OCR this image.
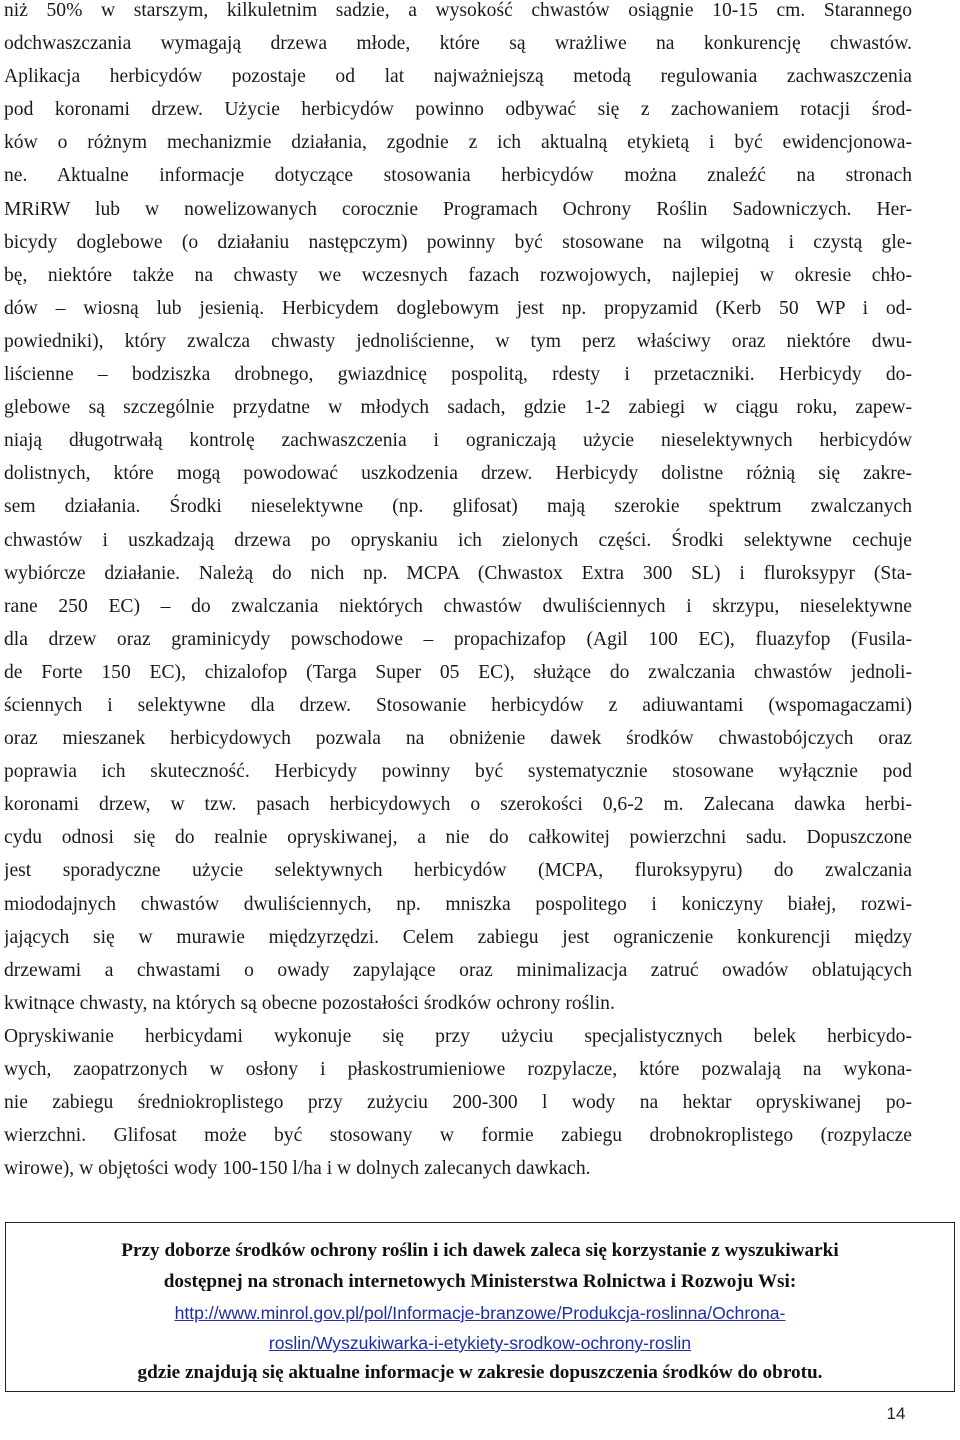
niż 50% w starszym, kilkuletnim sadzie, a wysokość chwastów osiągnie 10-15 cm. Starannego
odchwaszczania wymagają drzewa młode, które są wrażliwe na konkurencję chwastów.
Aplikacja herbicydów pozostaje od lat najważniejszą metodą regulowania zachwaszczenia
pod koronami drzew. Użycie herbicydów powinno odbywać się z zachowaniem rotacji środ-
ków o różnym mechanizmie działania, zgodnie z ich aktualną etykietą i być ewidencjonowa-
ne. Aktualne informacje dotyczące stosowania herbicydów można znaleźć na stronach
MRiRW lub w nowelizowanych corocznie Programach Ochrony Roślin Sadowniczych. Her-
bicydy doglebowe (o działaniu następczym) powinny być stosowane na wilgotną i czystą gle-
bę, niektóre także na chwasty we wczesnych fazach rozwojowych, najlepiej w okresie chło-
dów – wiosną lub jesienią. Herbicydem doglebowym jest np. propyzamid (Kerb 50 WP i od-
powiedniki), który zwalcza chwasty jednoliścienne, w tym perz właściwy oraz niektóre dwu-
liścienne – bodziszka drobnego, gwiazdnicę pospolitą, rdesty i przetaczniki. Herbicydy do-
glebowe są szczególnie przydatne w młodych sadach, gdzie 1-2 zabiegi w ciągu roku, zapew-
niają długotrwałą kontrolę zachwaszczenia i ograniczają użycie nieselektywnych herbicydów
dolistnych, które mogą powodować uszkodzenia drzew. Herbicydy dolistne różnią się zakre-
sem działania. Środki nieselektywne (np. glifosat) mają szerokie spektrum zwalczanych
chwastów i uszkadzają drzewa po opryskaniu ich zielonych części. Środki selektywne cechuje
wybiórcze działanie. Należą do nich np. MCPA (Chwastox Extra 300 SL) i fluroksypyr (Sta-
rane 250 EC) – do zwalczania niektórych chwastów dwuliściennych i skrzypu, nieselektywne
dla drzew oraz graminicydy powschodowe – propachizafop (Agil 100 EC), fluazyfop (Fusila-
de Forte 150 EC), chizalofop (Targa Super 05 EC), służące do zwalczania chwastów jednoli-
ściennych i selektywne dla drzew. Stosowanie herbicydów z adiuwantami (wspomagaczami)
oraz mieszanek herbicydowych pozwala na obniżenie dawek środków chwastobójczych oraz
poprawia ich skuteczność. Herbicydy powinny być systematycznie stosowane wyłącznie pod
koronami drzew, w tzw. pasach herbicydowych o szerokości 0,6-2 m. Zalecana dawka herbi-
cydu odnosi się do realnie opryskiwanej, a nie do całkowitej powierzchni sadu. Dopuszczone
jest sporadyczne użycie selektywnych herbicydów (MCPA, fluroksypyru) do zwalczania
miododajnych chwastów dwuliściennych, np. mniszka pospolitego i koniczyny białej, rozwi-
jających się w murawie międzyrzędzi. Celem zabiegu jest ograniczenie konkurencji między
drzewami a chwastami o owady zapylające oraz minimalizacja zatruć owadów oblatujących
kwitnące chwasty, na których są obecne pozostałości środków ochrony roślin.
Opryskiwanie herbicydami wykonuje się przy użyciu specjalistycznych belek herbicydo-
wych, zaopatrzonych w osłony i płaskostrumieniowe rozpylacze, które pozwalają na wykona-
nie zabiegu średniokroplistego przy zużyciu 200-300 l wody na hektar opryskiwanej po-
wierzchni. Glifosat może być stosowany w formie zabiegu drobnokroplistego (rozpylacze
wirowe), w objętości wody 100-150 l/ha i w dolnych zalecanych dawkach.
Przy doborze środków ochrony roślin i ich dawek zaleca się korzystanie z wyszukiwarki
dostępnej na stronach internetowych Ministerstwa Rolnictwa i Rozwoju Wsi:
http://www.minrol.gov.pl/pol/Informacje-branzowe/Produkcja-roslinna/Ochrona-
roslin/Wyszukiwarka-i-etykiety-srodkow-ochrony-roslin
gdzie znajdują się aktualne informacje w zakresie dopuszczenia środków do obrotu.
14
